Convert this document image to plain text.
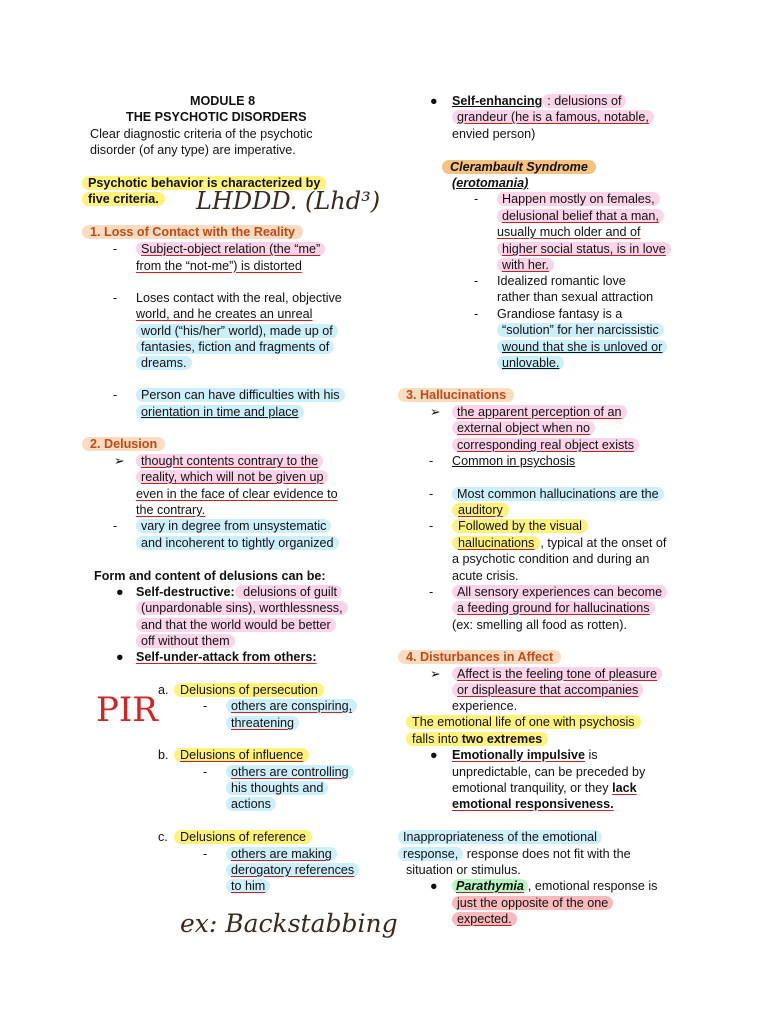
MODULE 8
THE PSYCHOTIC DISORDERS
Clear diagnostic criteria of the psychotic
disorder (of any type) are imperative.
Psychotic behavior is characterized by
five criteria. LHDDD. (Lhd³)
1. Loss of Contact with the Reality
- Subject-object relation (the “me”
from the “not-me”) is distorted
- Loses contact with the real, objective
world, and he creates an unreal
world (“his/her” world), made up of
fantasies, fiction and fragments of
dreams.
- Person can have difficulties with his
orientation in time and place
2. Delusion
➢	thought contents contrary to the
reality, which will not be given up
even in the face of clear evidence to
the contrary.
- vary in degree from unsystematic
and incoherent to tightly organized
Form and content of delusions can be:
● Self-destructive: delusions of guilt
(unpardonable sins), worthlessness,
and that the world would be better
off without them
● Self-under-attack from others:
PIR a. Delusions of persecution
- others are conspiring,
threatening
b. Delusions of influence
- others are controlling
his thoughts and
actions
c. Delusions of reference
- others are making
derogatory references
to him
ex: Backstabbing
● Self-enhancing : delusions of
grandeur (he is a famous, notable,
envied person)
Clerambault Syndrome
(erotomania)
- Happen mostly on females,
delusional belief that a man,
usually much older and of
higher social status, is in love
with her.
- Idealized romantic love
rather than sexual attraction
- Grandiose fantasy is a
“solution” for her narcissistic
wound that she is unloved or
unlovable.
3. Hallucinations
➢	the apparent perception of an
external object when no
corresponding real object exists
- Common in psychosis
- Most common hallucinations are the
auditory
- Followed by the visual
hallucinations , typical at the onset of
a psychotic condition and during an
acute crisis.
- All sensory experiences can become
a feeding ground for hallucinations
(ex: smelling all food as rotten).
4. Disturbances in Affect
➢	Affect is the feeling tone of pleasure
or displeasure that accompanies
experience.
The emotional life of one with psychosis
falls into two extremes
● Emotionally impulsive is
unpredictable, can be preceded by
emotional tranquility, or they lack
emotional responsiveness.
Inappropriateness of the emotional
response, response does not fit with the
situation or stimulus.
●	Parathymia , emotional response is
just the opposite of the one
expected.
